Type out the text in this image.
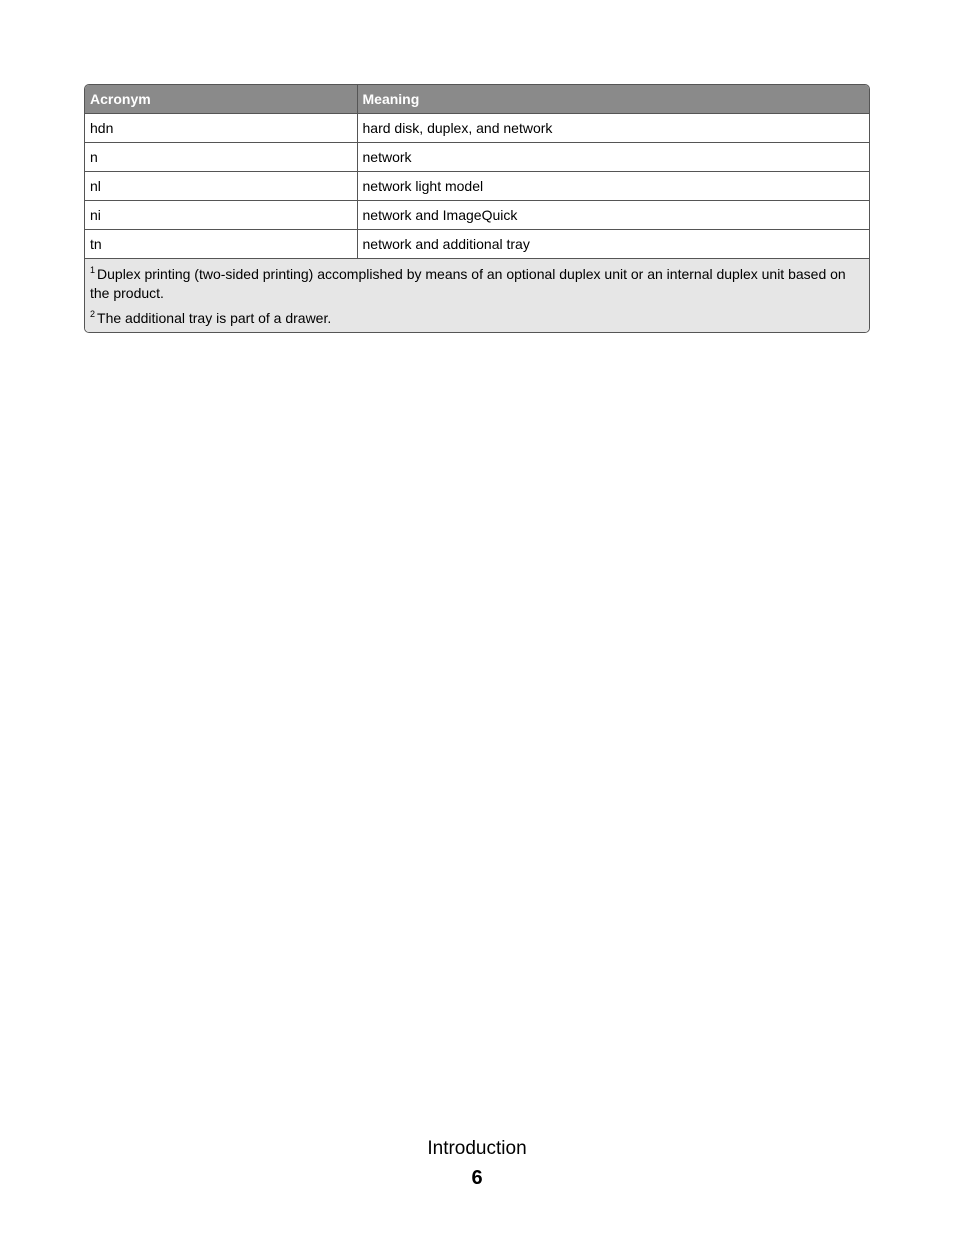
Acronym	Meaning
hdn	hard disk, duplex, and network
n	network
nl	network light model
ni	network and ImageQuick
tn	network and additional tray

$^1$ Duplex printing (two-sided printing) accomplished by means of an optional duplex unit or an internal duplex unit based on the product.

$^2$ The additional tray is part of a drawer.

Introduction
6
